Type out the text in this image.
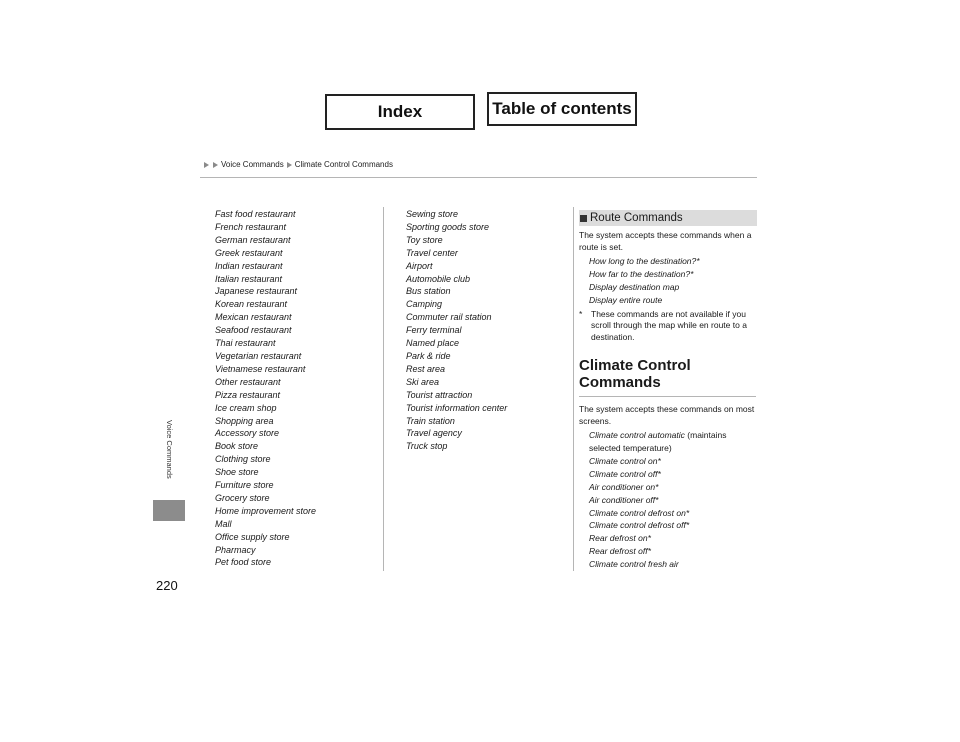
Index	Table of contents
Voice Commands Climate Control Commands
Voice Commands
220
Fast food restaurant
French restaurant
German restaurant
Greek restaurant
Indian restaurant
Italian restaurant
Japanese restaurant
Korean restaurant
Mexican restaurant
Seafood restaurant
Thai restaurant
Vegetarian restaurant
Vietnamese restaurant
Other restaurant
Pizza restaurant
Ice cream shop
Shopping area
Accessory store
Book store
Clothing store
Shoe store
Furniture store
Grocery store
Home improvement store
Mall
Office supply store
Pharmacy
Pet food store
Sewing store
Sporting goods store
Toy store
Travel center
Airport
Automobile club
Bus station
Camping
Commuter rail station
Ferry terminal
Named place
Park & ride
Rest area
Ski area
Tourist attraction
Tourist information center
Train station
Travel agency
Truck stop
Route Commands
The system accepts these commands when a route is set.
How long to the destination?*
How far to the destination?*
Display destination map
Display entire route
*	These commands are not available if you scroll through the map while en route to a destination.
Climate Control Commands
The system accepts these commands on most screens.
Climate control automatic (maintains selected temperature)
Climate control on*
Climate control off*
Air conditioner on*
Air conditioner off*
Climate control defrost on*
Climate control defrost off*
Rear defrost on*
Rear defrost off*
Climate control fresh air
